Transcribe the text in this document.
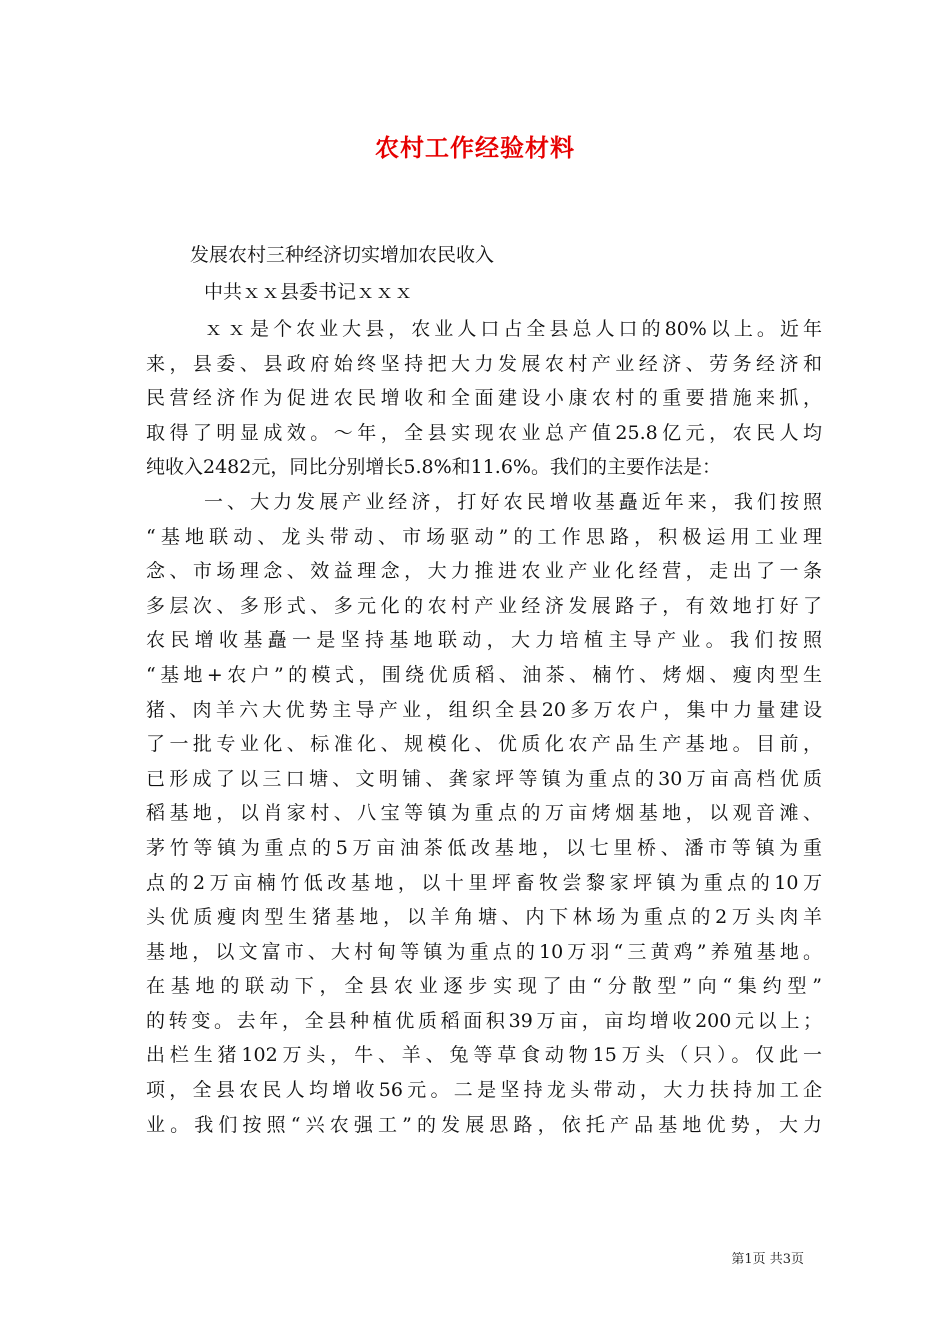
农村工作经验材料
发展农村三种经济切实增加农民收入
中共ｘｘ县委书记ｘｘｘ
ｘｘ是个农业大县，农业人口占全县总人口的80%以上。近年
来，县委、县政府始终坚持把大力发展农村产业经济、劳务经济和
民营经济作为促进农民增收和全面建设小康农村的重要措施来抓，
取得了明显成效。～年，全县实现农业总产值25.8亿元，农民人均
纯收入2482元，同比分别增长5.8%和11.6%。我们的主要作法是：
一、大力发展产业经济，打好农民增收基矗近年来，我们按照
“基地联动、龙头带动、市场驱动”的工作思路，积极运用工业理
念、市场理念、效益理念，大力推进农业产业化经营，走出了一条
多层次、多形式、多元化的农村产业经济发展路子，有效地打好了
农民增收基矗一是坚持基地联动，大力培植主导产业。我们按照
“基地+农户”的模式，围绕优质稻、油茶、楠竹、烤烟、瘦肉型生
猪、肉羊六大优势主导产业，组织全县20多万农户，集中力量建设
了一批专业化、标准化、规模化、优质化农产品生产基地。目前，
已形成了以三口塘、文明铺、龚家坪等镇为重点的30万亩高档优质
稻基地，以肖家村、八宝等镇为重点的万亩烤烟基地，以观音滩、
茅竹等镇为重点的5万亩油茶低改基地，以七里桥、潘市等镇为重
点的2万亩楠竹低改基地，以十里坪畜牧尝黎家坪镇为重点的10万
头优质瘦肉型生猪基地，以羊角塘、内下林场为重点的2万头肉羊
基地，以文富市、大村甸等镇为重点的10万羽“三黄鸡”养殖基地。
在基地的联动下，全县农业逐步实现了由“分散型”向“集约型”
的转变。去年，全县种植优质稻面积39万亩，亩均增收200元以上；
出栏生猪102万头，牛、羊、兔等草食动物15万头（只）。仅此一
项，全县农民人均增收56元。二是坚持龙头带动，大力扶持加工企
业。我们按照“兴农强工”的发展思路，依托产品基地优势，大力
第1页 共3页
